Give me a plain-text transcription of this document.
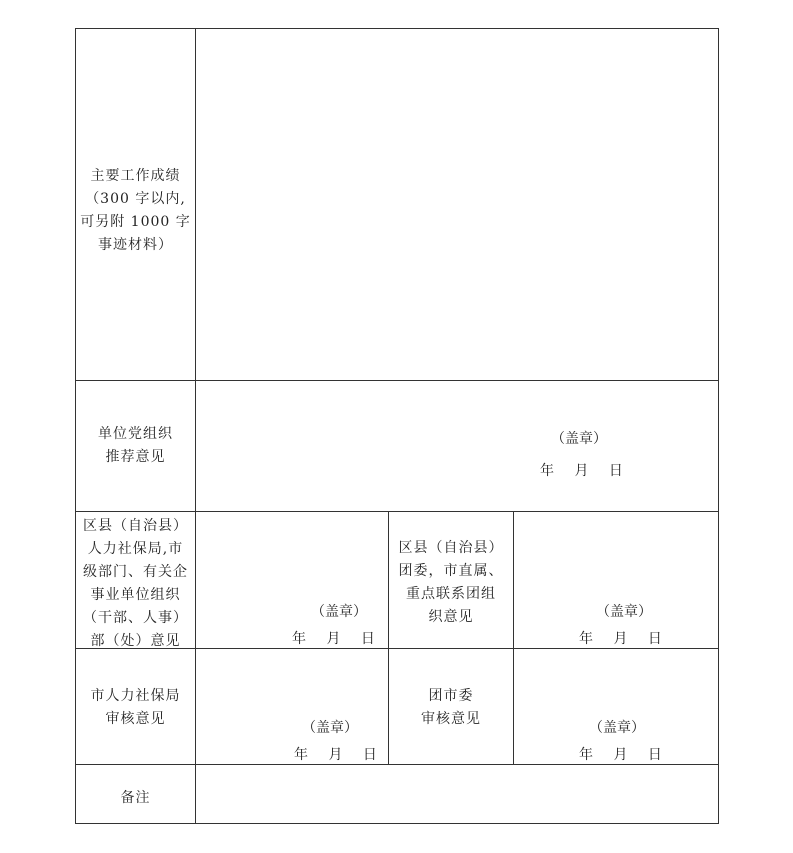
主要工作成绩
（300 字以内,
可另附 1000 字
事迹材料）
单位党组织
推荐意见
（盖章）
年 月 日
区县（自治县）
人力社保局,市
级部门、有关企
事业单位组织
（干部、人事）
部（处）意见
（盖章）
年 月 日
区县（自治县）
团委，市直属、
重点联系团组
织意见	（盖章）
年 月 日
市人力社保局
审核意见
（盖章）
年 月 日
团市委
审核意见
（盖章）
年 月 日
备注
